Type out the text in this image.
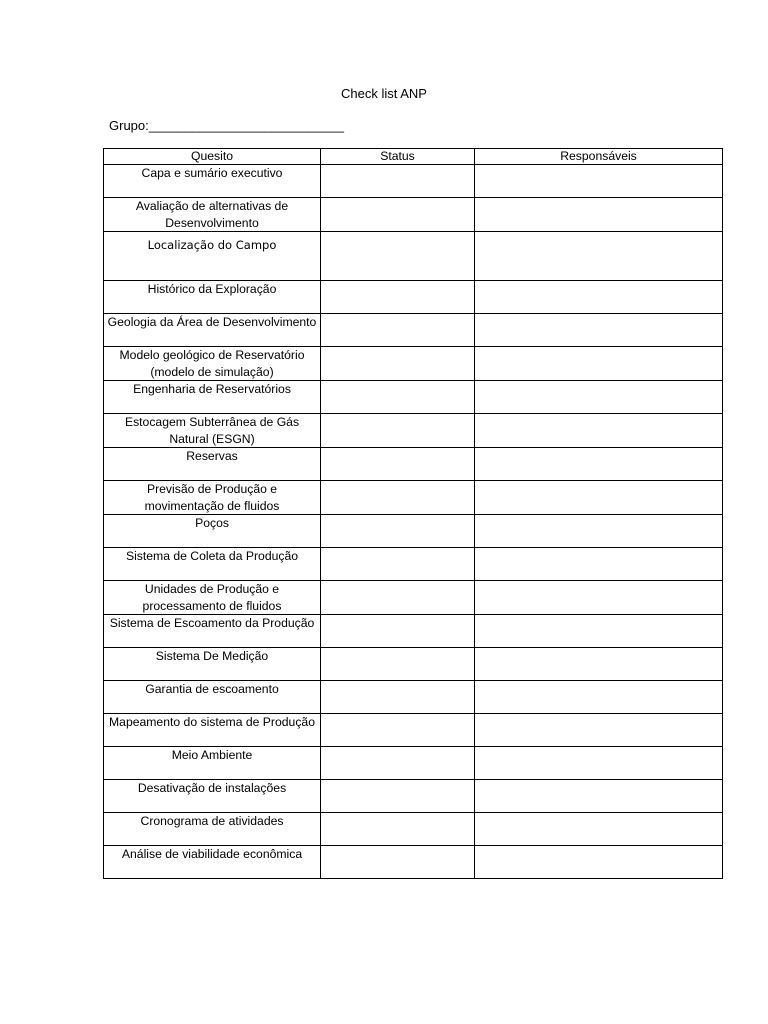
Check list ANP
Grupo:___________________________
Quesito	Status	Responsáveis
Capa e sumário executivo		
Avaliação de alternativas de Desenvolvimento		
Localização do Campo		
Histórico da Exploração		
Geologia da Área de Desenvolvimento		
Modelo geológico de Reservatório (modelo de simulação)		
Engenharia de Reservatórios		
Estocagem Subterrânea de Gás Natural (ESGN)		
Reservas		
Previsão de Produção e movimentação de fluidos		
Poços		
Sistema de Coleta da Produção		
Unidades de Produção e processamento de fluidos		
Sistema de Escoamento da Produção		
Sistema De Medição		
Garantia de escoamento		
Mapeamento do sistema de Produção		
Meio Ambiente		
Desativação de instalações		
Cronograma de atividades		
Análise de viabilidade econômica		
